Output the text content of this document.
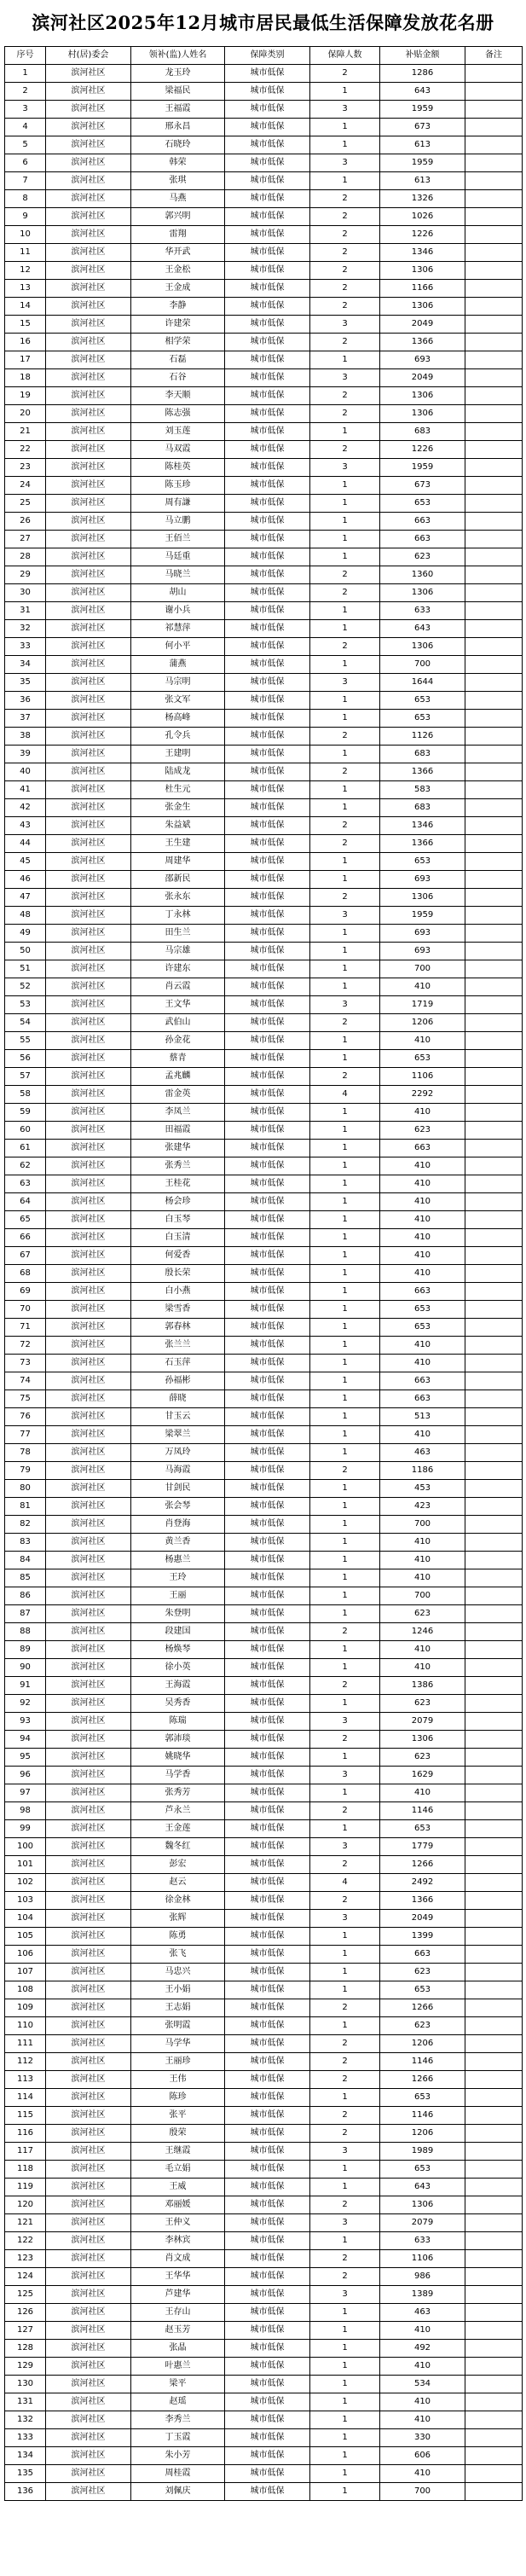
滨河社区2025年12月城市居民最低生活保障发放花名册
序号	村(居)委会	领补(监)人姓名	保障类别	保障人数	补贴金额	备注
1	滨河社区	龙玉玲	城市低保	2	1286	
2	滨河社区	梁福民	城市低保	1	643	
3	滨河社区	王福霞	城市低保	3	1959	
4	滨河社区	邢永昌	城市低保	1	673	
5	滨河社区	石晓玲	城市低保	1	613	
6	滨河社区	韩荣	城市低保	3	1959	
7	滨河社区	张琪	城市低保	1	613	
8	滨河社区	马燕	城市低保	2	1326	
9	滨河社区	郭兴明	城市低保	2	1026	
10	滨河社区	雷翔	城市低保	2	1226	
11	滨河社区	华开武	城市低保	2	1346	
12	滨河社区	王金松	城市低保	2	1306	
13	滨河社区	王金成	城市低保	2	1166	
14	滨河社区	李静	城市低保	2	1306	
15	滨河社区	许建荣	城市低保	3	2049	
16	滨河社区	相学荣	城市低保	2	1366	
17	滨河社区	石磊	城市低保	1	693	
18	滨河社区	石谷	城市低保	3	2049	
19	滨河社区	李天顺	城市低保	2	1306	
20	滨河社区	陈志强	城市低保	2	1306	
21	滨河社区	刘玉莲	城市低保	1	683	
22	滨河社区	马双霞	城市低保	2	1226	
23	滨河社区	陈桂英	城市低保	3	1959	
24	滨河社区	陈玉珍	城市低保	1	673	
25	滨河社区	周有謙	城市低保	1	653	
26	滨河社区	马立鹏	城市低保	1	663	
27	滨河社区	王佰兰	城市低保	1	663	
28	滨河社区	马廷重	城市低保	1	623	
29	滨河社区	马晓兰	城市低保	2	1360	
30	滨河社区	胡山	城市低保	2	1306	
31	滨河社区	谢小兵	城市低保	1	633	
32	滨河社区	祁慧萍	城市低保	1	643	
33	滨河社区	何小平	城市低保	2	1306	
34	滨河社区	蒲燕	城市低保	1	700	
35	滨河社区	马宗明	城市低保	3	1644	
36	滨河社区	张文军	城市低保	1	653	
37	滨河社区	杨高峰	城市低保	1	653	
38	滨河社区	孔令兵	城市低保	2	1126	
39	滨河社区	王建明	城市低保	1	683	
40	滨河社区	陆成龙	城市低保	2	1366	
41	滨河社区	杜生元	城市低保	1	583	
42	滨河社区	张金生	城市低保	1	683	
43	滨河社区	朱益斌	城市低保	2	1346	
44	滨河社区	王生建	城市低保	2	1366	
45	滨河社区	周建华	城市低保	1	653	
46	滨河社区	邵新民	城市低保	1	693	
47	滨河社区	张永东	城市低保	2	1306	
48	滨河社区	丁永林	城市低保	3	1959	
49	滨河社区	田生兰	城市低保	1	693	
50	滨河社区	马宗雄	城市低保	1	693	
51	滨河社区	许建东	城市低保	1	700	
52	滨河社区	肖云霞	城市低保	1	410	
53	滨河社区	王文华	城市低保	3	1719	
54	滨河社区	武伯山	城市低保	2	1206	
55	滨河社区	孙金花	城市低保	1	410	
56	滨河社区	蔡青	城市低保	1	653	
57	滨河社区	孟兆麟	城市低保	2	1106	
58	滨河社区	雷金英	城市低保	4	2292	
59	滨河社区	李凤兰	城市低保	1	410	
60	滨河社区	田福霞	城市低保	1	623	
61	滨河社区	张建华	城市低保	1	663	
62	滨河社区	张秀兰	城市低保	1	410	
63	滨河社区	王桂花	城市低保	1	410	
64	滨河社区	杨会珍	城市低保	1	410	
65	滨河社区	白玉琴	城市低保	1	410	
66	滨河社区	白玉清	城市低保	1	410	
67	滨河社区	何爱香	城市低保	1	410	
68	滨河社区	殷长荣	城市低保	1	410	
69	滨河社区	白小燕	城市低保	1	663	
70	滨河社区	梁雪香	城市低保	1	653	
71	滨河社区	郭春林	城市低保	1	653	
72	滨河社区	张兰兰	城市低保	1	410	
73	滨河社区	石玉萍	城市低保	1	410	
74	滨河社区	孙福彬	城市低保	1	663	
75	滨河社区	薛晓	城市低保	1	663	
76	滨河社区	甘玉云	城市低保	1	513	
77	滨河社区	梁翠兰	城市低保	1	410	
78	滨河社区	万凤玲	城市低保	1	463	
79	滨河社区	马海霞	城市低保	2	1186	
80	滨河社区	甘剑民	城市低保	1	453	
81	滨河社区	张会琴	城市低保	1	423	
82	滨河社区	肖登海	城市低保	1	700	
83	滨河社区	黄兰香	城市低保	1	410	
84	滨河社区	杨惠兰	城市低保	1	410	
85	滨河社区	王玲	城市低保	1	410	
86	滨河社区	王丽	城市低保	1	700	
87	滨河社区	朱登明	城市低保	1	623	
88	滨河社区	段建国	城市低保	2	1246	
89	滨河社区	杨焕琴	城市低保	1	410	
90	滨河社区	徐小英	城市低保	1	410	
91	滨河社区	王海霞	城市低保	2	1386	
92	滨河社区	吴秀香	城市低保	1	623	
93	滨河社区	陈瑞	城市低保	3	2079	
94	滨河社区	郭沛琰	城市低保	2	1306	
95	滨河社区	姚晓华	城市低保	1	623	
96	滨河社区	马学香	城市低保	3	1629	
97	滨河社区	张秀芳	城市低保	1	410	
98	滨河社区	芦永兰	城市低保	2	1146	
99	滨河社区	王金莲	城市低保	1	653	
100	滨河社区	魏冬红	城市低保	3	1779	
101	滨河社区	彭宏	城市低保	2	1266	
102	滨河社区	赵云	城市低保	4	2492	
103	滨河社区	徐金林	城市低保	2	1366	
104	滨河社区	张辉	城市低保	3	2049	
105	滨河社区	陈勇	城市低保	1	1399	
106	滨河社区	张飞	城市低保	1	663	
107	滨河社区	马忠兴	城市低保	1	623	
108	滨河社区	王小娟	城市低保	1	653	
109	滨河社区	王志娟	城市低保	2	1266	
110	滨河社区	张明霞	城市低保	1	623	
111	滨河社区	马学华	城市低保	2	1206	
112	滨河社区	王丽珍	城市低保	2	1146	
113	滨河社区	王伟	城市低保	2	1266	
114	滨河社区	陈珍	城市低保	1	653	
115	滨河社区	张平	城市低保	2	1146	
116	滨河社区	殷荣	城市低保	2	1206	
117	滨河社区	王继霞	城市低保	3	1989	
118	滨河社区	毛立娟	城市低保	1	653	
119	滨河社区	王威	城市低保	1	643	
120	滨河社区	邓丽媛	城市低保	2	1306	
121	滨河社区	王仲义	城市低保	3	2079	
122	滨河社区	李林宾	城市低保	1	633	
123	滨河社区	肖文成	城市低保	2	1106	
124	滨河社区	王华华	城市低保	2	986	
125	滨河社区	芦建华	城市低保	3	1389	
126	滨河社区	王存山	城市低保	1	463	
127	滨河社区	赵玉芳	城市低保	1	410	
128	滨河社区	张晶	城市低保	1	492	
129	滨河社区	叶惠兰	城市低保	1	410	
130	滨河社区	梁平	城市低保	1	534	
131	滨河社区	赵瑶	城市低保	1	410	
132	滨河社区	李秀兰	城市低保	1	410	
133	滨河社区	丁玉霞	城市低保	1	330	
134	滨河社区	朱小芳	城市低保	1	606	
135	滨河社区	周桂霞	城市低保	1	410	
136	滨河社区	刘佩庆	城市低保	1	700	
